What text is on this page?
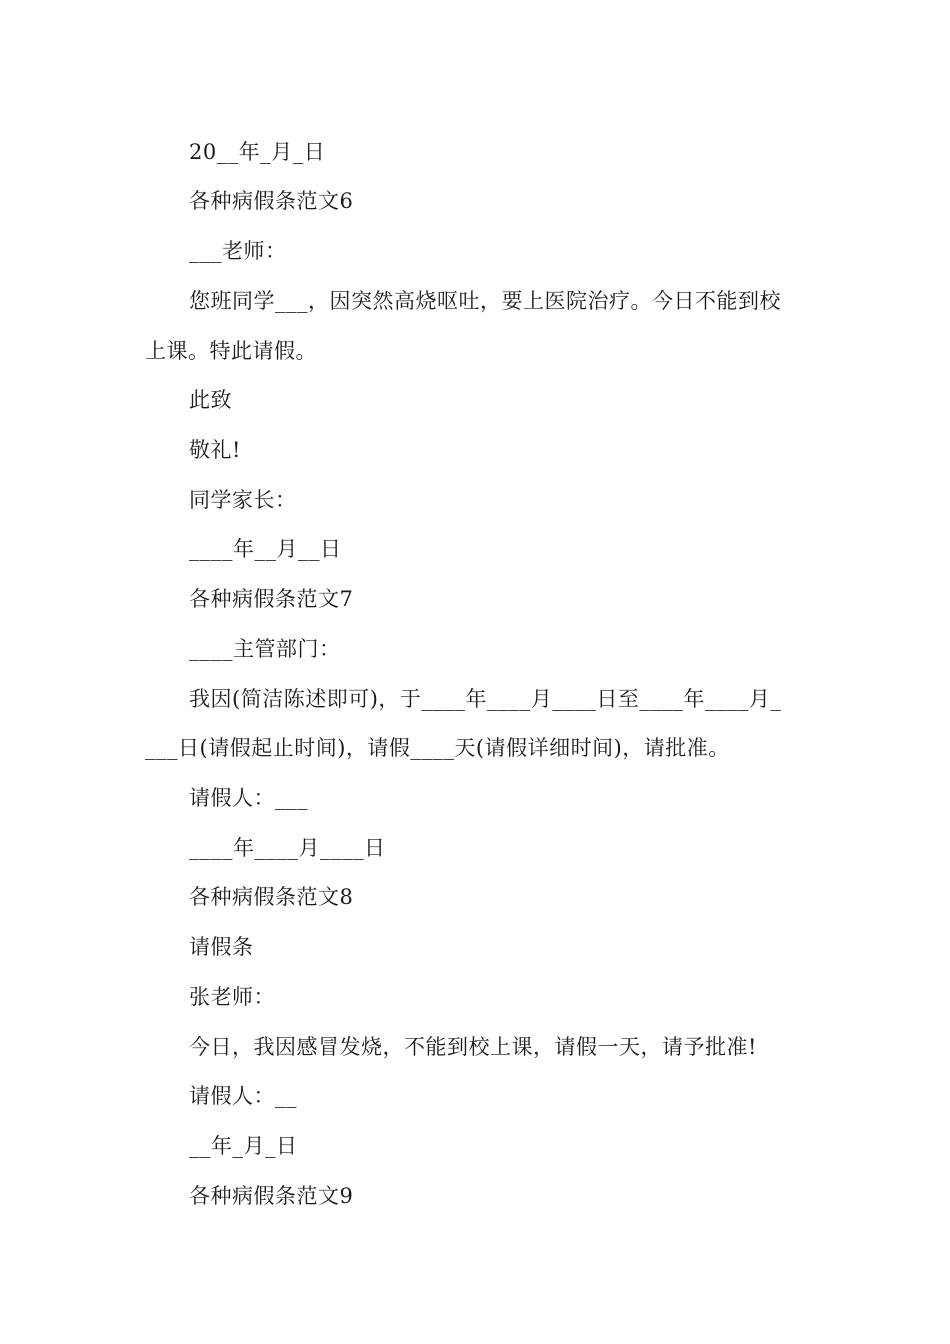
20__年_月_日
各种病假条范文6
___老师：
您班同学___，因突然高烧呕吐，要上医院治疗。今日不能到校
上课。特此请假。
此致
敬礼!
同学家长：
____年__月__日
各种病假条范文7
____主管部门：
我因(简洁陈述即可)，于____年____月____日至____年____月_
___日(请假起止时间)，请假____天(请假详细时间)，请批准。
请假人：___
____年____月____日
各种病假条范文8
请假条
张老师：
今日，我因感冒发烧，不能到校上课，请假一天，请予批准!
请假人：__
__年_月_日
各种病假条范文9
